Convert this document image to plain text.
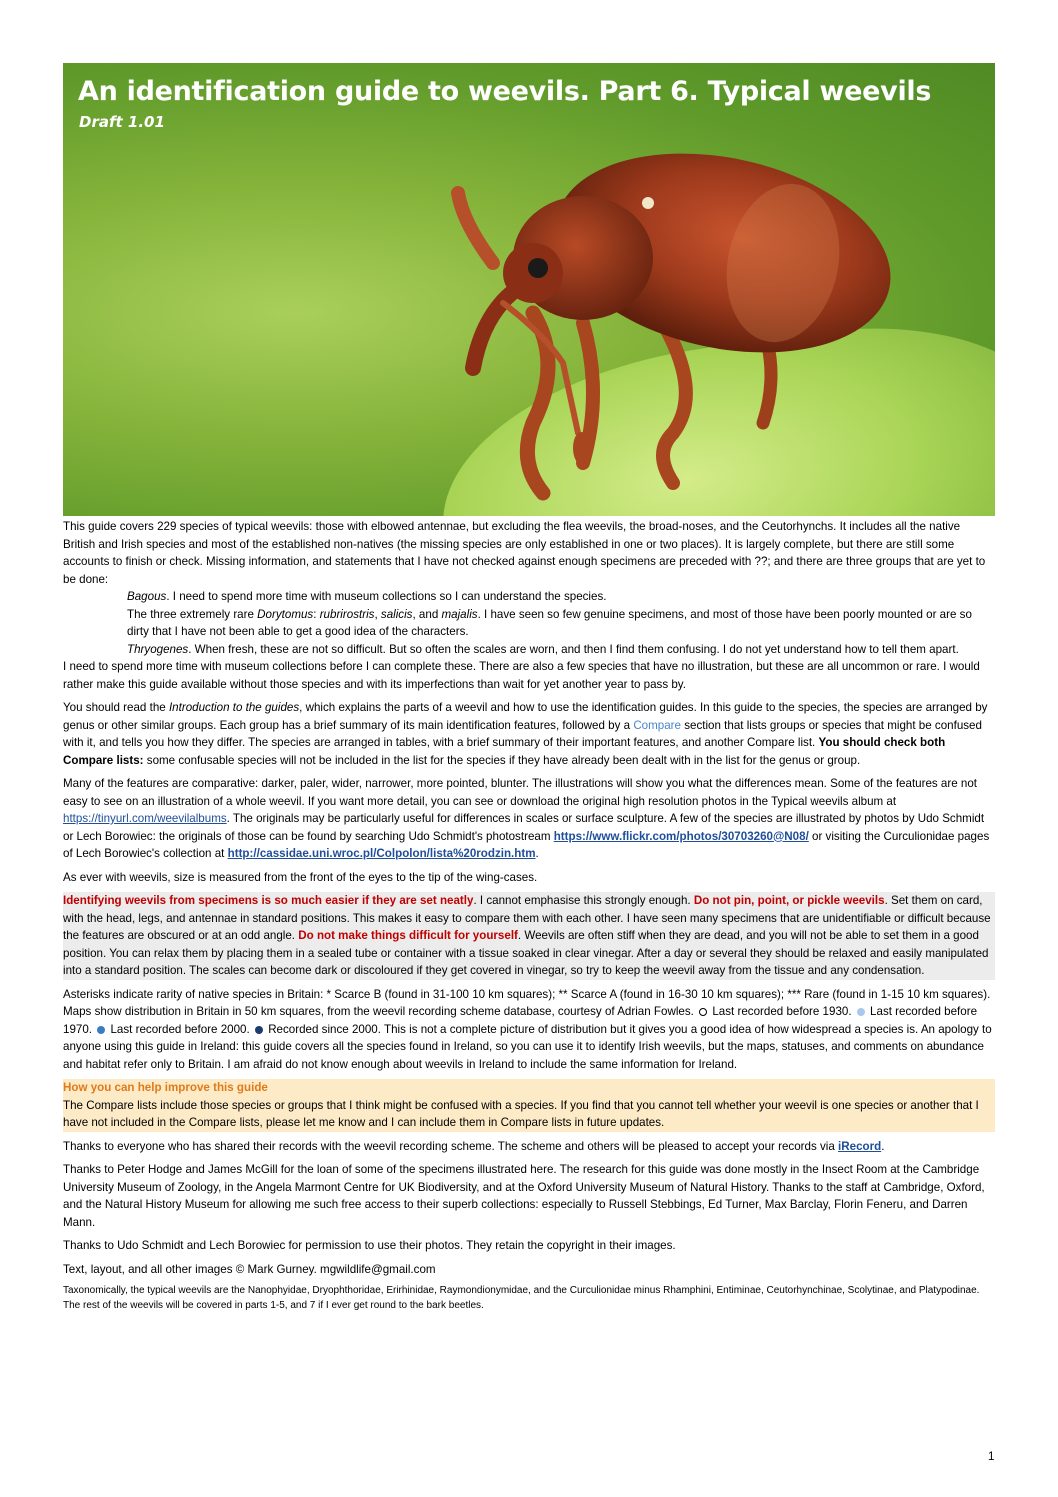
An identification guide to weevils. Part 6. Typical weevils
Draft 1.01

This guide covers 229 species of typical weevils: those with elbowed antennae, but excluding the flea weevils, the broad-noses, and the Ceutorhynchs. It includes all the native British and Irish species and most of the established non-natives (the missing species are only established in one or two places). It is largely complete, but there are still some accounts to finish or check. Missing information, and statements that I have not checked against enough specimens are preceded with ??; and there are three groups that are yet to be done:

Bagous. I need to spend more time with museum collections so I can understand the species.

The three extremely rare Dorytomus: rubrirostris, salicis, and majalis. I have seen so few genuine specimens, and most of those have been poorly mounted or are so dirty that I have not been able to get a good idea of the characters.

Thryogenes. When fresh, these are not so difficult. But so often the scales are worn, and then I find them confusing. I do not yet understand how to tell them apart.

I need to spend more time with museum collections before I can complete these. There are also a few species that have no illustration, but these are all uncommon or rare. I would rather make this guide available without those species and with its imperfections than wait for yet another year to pass by.

You should read the Introduction to the guides, which explains the parts of a weevil and how to use the identification guides. In this guide to the species, the species are arranged by genus or other similar groups. Each group has a brief summary of its main identification features, followed by a Compare section that lists groups or species that might be confused with it, and tells you how they differ. The species are arranged in tables, with a brief summary of their important features, and another Compare list. You should check both Compare lists: some confusable species will not be included in the list for the species if they have already been dealt with in the list for the genus or group.

Many of the features are comparative: darker, paler, wider, narrower, more pointed, blunter. The illustrations will show you what the differences mean. Some of the features are not easy to see on an illustration of a whole weevil. If you want more detail, you can see or download the original high resolution photos in the Typical weevils album at https://tinyurl.com/weevilalbums. The originals may be particularly useful for differences in scales or surface sculpture. A few of the species are illustrated by photos by Udo Schmidt or Lech Borowiec: the originals of those can be found by searching Udo Schmidt's photostream https://www.flickr.com/photos/30703260@N08/ or visiting the Curculionidae pages of Lech Borowiec's collection at http://cassidae.uni.wroc.pl/Colpolon/lista%20rodzin.htm.

As ever with weevils, size is measured from the front of the eyes to the tip of the wing-cases.

Identifying weevils from specimens is so much easier if they are set neatly. I cannot emphasise this strongly enough. Do not pin, point, or pickle weevils. Set them on card, with the head, legs, and antennae in standard positions. This makes it easy to compare them with each other. I have seen many specimens that are unidentifiable or difficult because the features are obscured or at an odd angle. Do not make things difficult for yourself. Weevils are often stiff when they are dead, and you will not be able to set them in a good position. You can relax them by placing them in a sealed tube or container with a tissue soaked in clear vinegar. After a day or several they should be relaxed and easily manipulated into a standard position. The scales can become dark or discoloured if they get covered in vinegar, so try to keep the weevil away from the tissue and any condensation.

Asterisks indicate rarity of native species in Britain: * Scarce B (found in 31-100 10 km squares); ** Scarce A (found in 16-30 10 km squares); *** Rare (found in 1-15 10 km squares). Maps show distribution in Britain in 50 km squares, from the weevil recording scheme database, courtesy of Adrian Fowles. Last recorded before 1930. Last recorded before 1970. Last recorded before 2000. Recorded since 2000. This is not a complete picture of distribution but it gives you a good idea of how widespread a species is. An apology to anyone using this guide in Ireland: this guide covers all the species found in Ireland, so you can use it to identify Irish weevils, but the maps, statuses, and comments on abundance and habitat refer only to Britain. I am afraid do not know enough about weevils in Ireland to include the same information for Ireland.

How you can help improve this guide
The Compare lists include those species or groups that I think might be confused with a species. If you find that you cannot tell whether your weevil is one species or another that I have not included in the Compare lists, please let me know and I can include them in Compare lists in future updates.

Thanks to everyone who has shared their records with the weevil recording scheme. The scheme and others will be pleased to accept your records via iRecord.

Thanks to Peter Hodge and James McGill for the loan of some of the specimens illustrated here. The research for this guide was done mostly in the Insect Room at the Cambridge University Museum of Zoology, in the Angela Marmont Centre for UK Biodiversity, and at the Oxford University Museum of Natural History. Thanks to the staff at Cambridge, Oxford, and the Natural History Museum for allowing me such free access to their superb collections: especially to Russell Stebbings, Ed Turner, Max Barclay, Florin Feneru, and Darren Mann.

Thanks to Udo Schmidt and Lech Borowiec for permission to use their photos. They retain the copyright in their images.

Text, layout, and all other images © Mark Gurney. mgwildlife@gmail.com

Taxonomically, the typical weevils are the Nanophyidae, Dryophthoridae, Erirhinidae, Raymondionymidae, and the Curculionidae minus Rhamphini, Entiminae, Ceutorhynchinae, Scolytinae, and Platypodinae. The rest of the weevils will be covered in parts 1-5, and 7 if I ever get round to the bark beetles.

1
